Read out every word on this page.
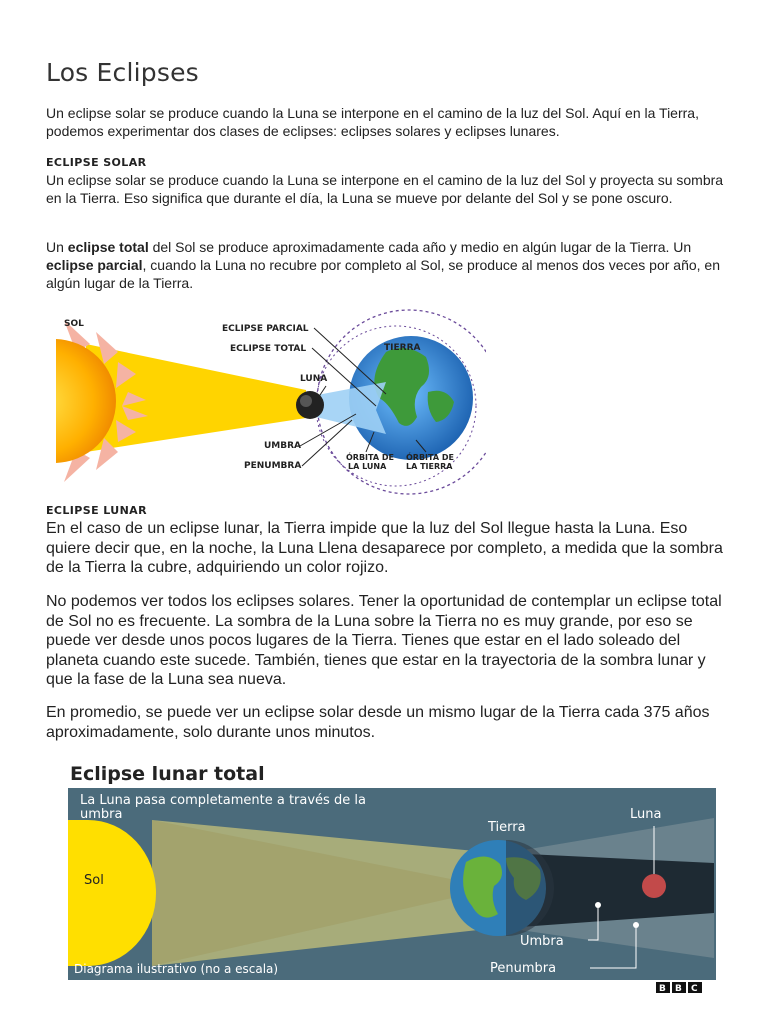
Los Eclipses

Un eclipse solar se produce cuando la Luna se interpone en el camino de la luz del Sol. Aquí en la Tierra, podemos experimentar dos clases de eclipses: eclipses solares y eclipses lunares.

ECLIPSE SOLAR

Un eclipse solar se produce cuando la Luna se interpone en el camino de la luz del Sol y proyecta su sombra en la Tierra. Eso significa que durante el día, la Luna se mueve por delante del Sol y se pone oscuro.

Un eclipse total del Sol se produce aproximadamente cada año y medio en algún lugar de la Tierra. Un eclipse parcial, cuando la Luna no recubre por completo al Sol, se produce al menos dos veces por año, en algún lugar de la Tierra.

ECLIPSE LUNAR

En el caso de un eclipse lunar, la Tierra impide que la luz del Sol llegue hasta la Luna. Eso quiere decir que, en la noche, la Luna Llena desaparece por completo, a medida que la sombra de la Tierra la cubre, adquiriendo un color rojizo.

No podemos ver todos los eclipses solares. Tener la oportunidad de contemplar un eclipse total de Sol no es frecuente. La sombra de la Luna sobre la Tierra no es muy grande, por eso se puede ver desde unos pocos lugares de la Tierra. Tienes que estar en el lado soleado del planeta cuando este sucede. También, tienes que estar en la trayectoria de la sombra lunar y que la fase de la Luna sea nueva.

En promedio, se puede ver un eclipse solar desde un mismo lugar de la Tierra cada 375 años aproximadamente, solo durante unos minutos.

SOL	ECLIPSE PARCIAL
ECLIPSE TOTAL
LUNA
TIERRA
UMBRA
PENUMBRA
ÓRBITA DE
LA LUNA
ÓRBITA DE
LA TIERRA
Eclipse lunar total
La Luna pasa completamente a través de la
umbra
Tierra
Luna
Umbra
Penumbra
Diagrama ilustrativo (no a escala)
Sol
B B C
